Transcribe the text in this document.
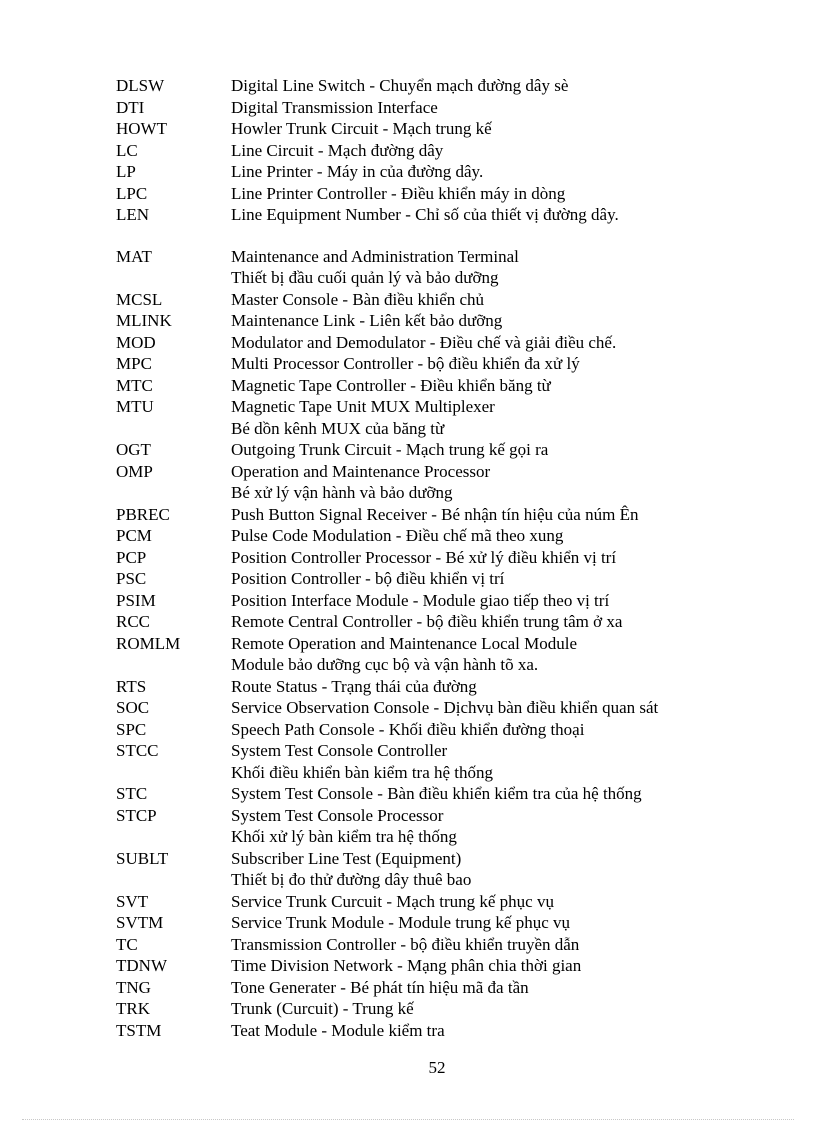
DLSW	Digital Line Switch - Chuyển mạch đường dây sè
DTI	Digital Transmission Interface
HOWT	Howler Trunk Circuit - Mạch trung kế
LC	Line Circuit - Mạch đường dây
LP	Line Printer - Máy in của đường dây.
LPC	Line Printer Controller - Điều khiển máy in dòng
LEN	Line Equipment Number - Chỉ số của thiết vị đường dây.
MAT	Maintenance and Administration Terminal
Thiết bị đầu cuối quản lý và bảo dưỡng
MCSL	Master Console - Bàn điều khiển chủ
MLINK	Maintenance Link - Liên kết bảo dưỡng
MOD	Modulator and Demodulator - Điều chế và giải điều chế.
MPC	Multi Processor Controller - bộ điều khiển đa xử lý
MTC	Magnetic Tape Controller - Điều khiển băng từ
MTU	Magnetic Tape Unit MUX Multiplexer
Bé dồn kênh MUX của băng từ
OGT	Outgoing Trunk Circuit - Mạch trung kế gọi ra
OMP	Operation and Maintenance Processor
Bé xử lý vận hành và bảo dưỡng
PBREC	Push Button Signal Receiver - Bé nhận tín hiệu của núm Ên
PCM	Pulse Code Modulation - Điều chế mã theo xung
PCP	Position Controller Processor - Bé xử lý điều khiển vị trí
PSC	Position Controller - bộ điều khiển vị trí
PSIM	Position Interface Module - Module giao tiếp theo vị trí
RCC	Remote Central Controller - bộ điều khiển trung tâm ở xa
ROMLM	Remote Operation and Maintenance Local Module
Module bảo dưỡng cục bộ và vận hành tõ xa.
RTS	Route Status - Trạng thái của đường
SOC	Service Observation Console - Dịchvụ bàn điều khiển quan sát
SPC	Speech Path Console - Khối điều khiển đường thoại
STCC	System Test Console Controller
Khối điều khiển bàn kiểm tra hệ thống
STC	System Test Console - Bàn điều khiển kiểm tra của hệ thống
STCP	System Test Console Processor
Khối xử lý bàn kiểm tra hệ thống
SUBLT	Subscriber Line Test (Equipment)
Thiết bị đo thử đường dây thuê bao
SVT	Service Trunk Curcuit - Mạch trung kế phục vụ
SVTM	Service Trunk Module - Module trung kế phục vụ
TC	Transmission Controller - bộ điều khiển truyền dẫn
TDNW	Time Division Network - Mạng phân chia thời gian
TNG	Tone Generater - Bé phát tín hiệu mã đa tần
TRK	Trunk (Curcuit) - Trung kế
TSTM	Teat Module - Module kiểm tra
52
